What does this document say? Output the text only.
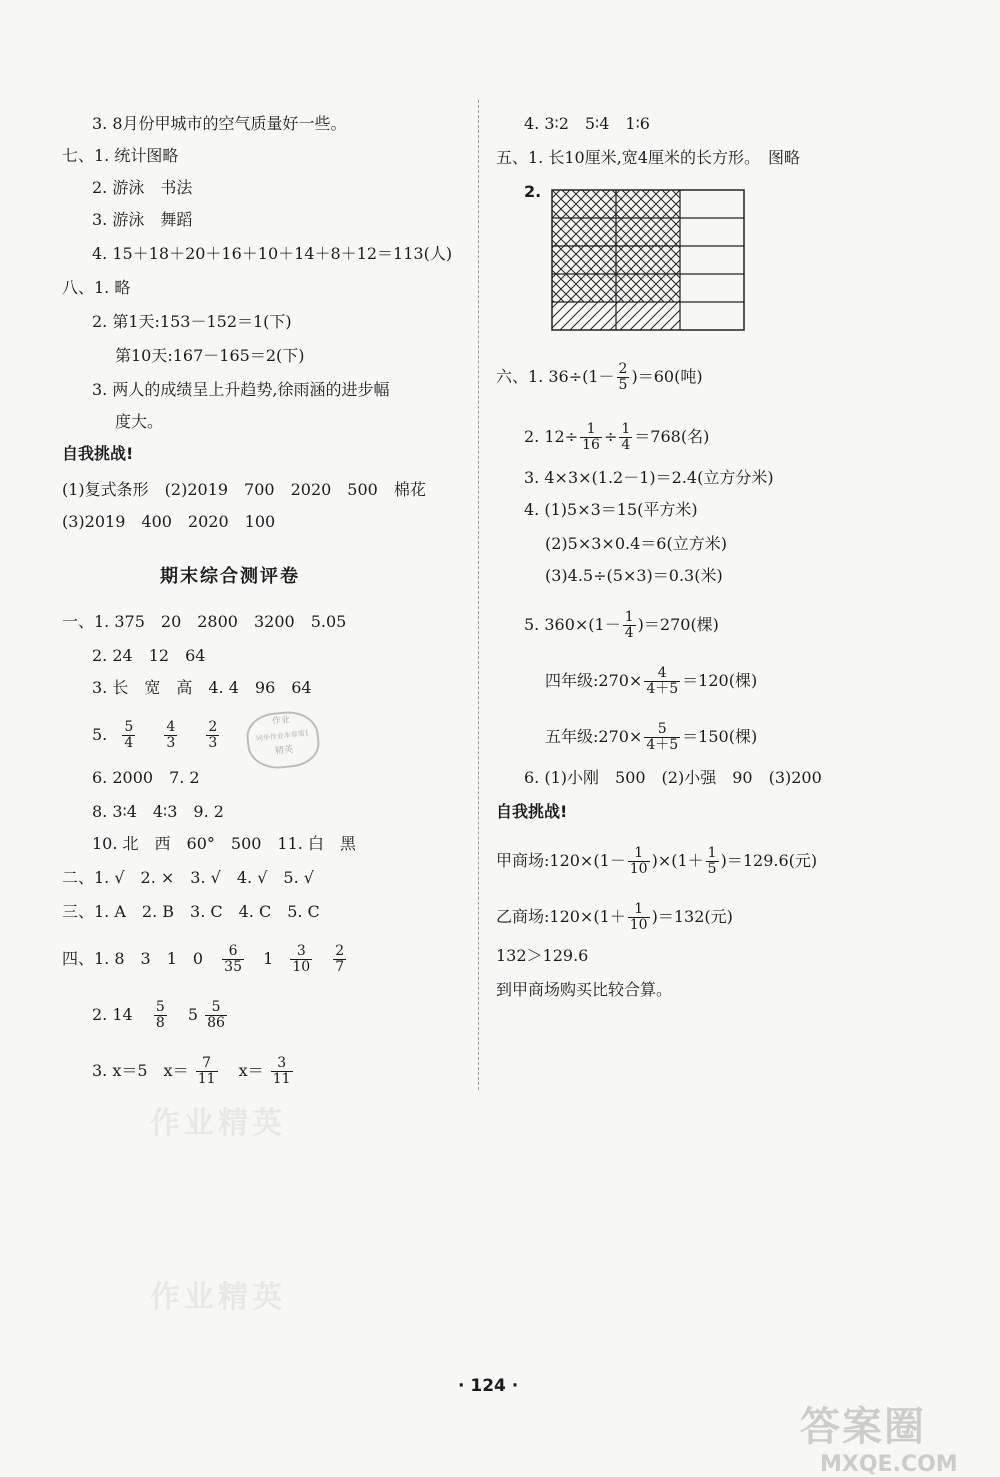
作业精英
作业精英
作业
同步作业本章第1
精英
3. 8月份甲城市的空气质量好一些。
七、1. 统计图略
2. 游泳　书法
3. 游泳　舞蹈
4. 15＋18＋20＋16＋10＋14＋8＋12＝113(人)
八、1. 略
2. 第1天:153－152＝1(下)
第10天:167－165＝2(下)
3. 两人的成绩呈上升趋势,徐雨涵的进步幅
度大。
自我挑战!
(1)复式条形　(2)2019　700　2020　500　棉花
(3)2019　400　2020　100
期末综合测评卷
一、1. 375　20　2800　3200　5.05
2. 24　12　64
3. 长　宽　高　4. 4　96　64
5. $\frac{5}{4}$
$\frac{4}{3}$
$\frac{2}{3}$
6. 2000　7. 2
8. 3∶4　4∶3　9. 2
10. 北　西　60°　500　11. 白　黑
二、1. √　2. ×　3. √　4. √　5. √
三、1. A　2. B　3. C　4. C　5. C
四、1. 8　3　1　$0 \frac{6}{35} 1 \frac{3}{10}$
$\frac{2}{7}$
2. $14 \frac{5}{8} 5 \frac{5}{86}$
3. x＝5　$x= \frac{7}{11} x= \frac{3}{11}$
4. 3∶2　5∶4　1∶6
五、1. 长10厘米,宽4厘米的长方形。　图略
2.
六、1. $36\div(1- \frac{2}{5} )=60$(吨)
2. $12\div \frac{1}{16} \div \frac{1}{4} =768$(名)
3. 4×3×(1.2－1)＝2.4(立方分米)
4. (1)5×3＝15(平方米)
(2)5×3×0.4＝6(立方米)
(3)4.5÷(5×3)＝0.3(米)
5. $360\times(1- \frac{1}{4} )=270$(棵)
四年级:270× $\frac{4}{4+5} =120$(棵)
五年级:270× $\frac{5}{4+5} =150$(棵)
6. (1)小刚　500　(2)小强　90　(3)200
自我挑战!
甲商场:120×(1－ $\frac{1}{10} )\times(1+ \frac{1}{5} )=129.6$(元)
乙商场:120×(1＋ $\frac{1}{10} )=132$(元)
132＞129.6
到甲商场购买比较合算。
· 124 ·
答案圈
MXQE.COM
